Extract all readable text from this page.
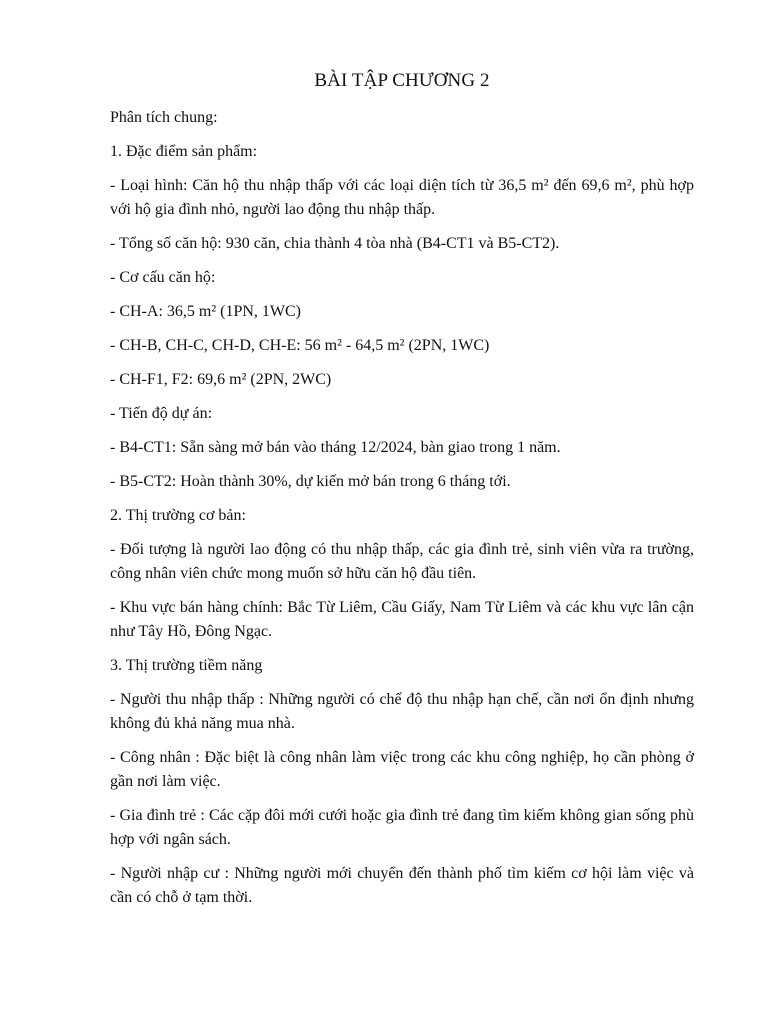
BÀI TẬP CHƯƠNG 2

Phân tích chung:

1. Đặc điểm sản phẩm:

- Loại hình: Căn hộ thu nhập thấp với các loại diện tích từ 36,5 m² đến 69,6 m², phù hợp với hộ gia đình nhỏ, người lao động thu nhập thấp.

- Tổng số căn hộ: 930 căn, chia thành 4 tòa nhà (B4-CT1 và B5-CT2).

- Cơ cấu căn hộ:

- CH-A: 36,5 m² (1PN, 1WC)

- CH-B, CH-C, CH-D, CH-E: 56 m² - 64,5 m² (2PN, 1WC)

- CH-F1, F2: 69,6 m² (2PN, 2WC)

- Tiến độ dự án:

- B4-CT1: Sẵn sàng mở bán vào tháng 12/2024, bàn giao trong 1 năm.

- B5-CT2: Hoàn thành 30%, dự kiến mở bán trong 6 tháng tới.

2. Thị trường cơ bản:

- Đối tượng là người lao động có thu nhập thấp, các gia đình trẻ, sinh viên vừa ra trường, công nhân viên chức mong muốn sở hữu căn hộ đầu tiên.

- Khu vực bán hàng chính: Bắc Từ Liêm, Cầu Giấy, Nam Từ Liêm và các khu vực lân cận như Tây Hồ, Đông Ngạc.

3. Thị trường tiềm năng

- Người thu nhập thấp : Những người có chế độ thu nhập hạn chế, cần nơi ổn định nhưng không đủ khả năng mua nhà.

- Công nhân : Đặc biệt là công nhân làm việc trong các khu công nghiệp, họ cần phòng ở gần nơi làm việc.

- Gia đình trẻ : Các cặp đôi mới cưới hoặc gia đình trẻ đang tìm kiếm không gian sống phù hợp với ngân sách.

- Người nhập cư : Những người mới chuyển đến thành phố tìm kiếm cơ hội làm việc và cần có chỗ ở tạm thời.
